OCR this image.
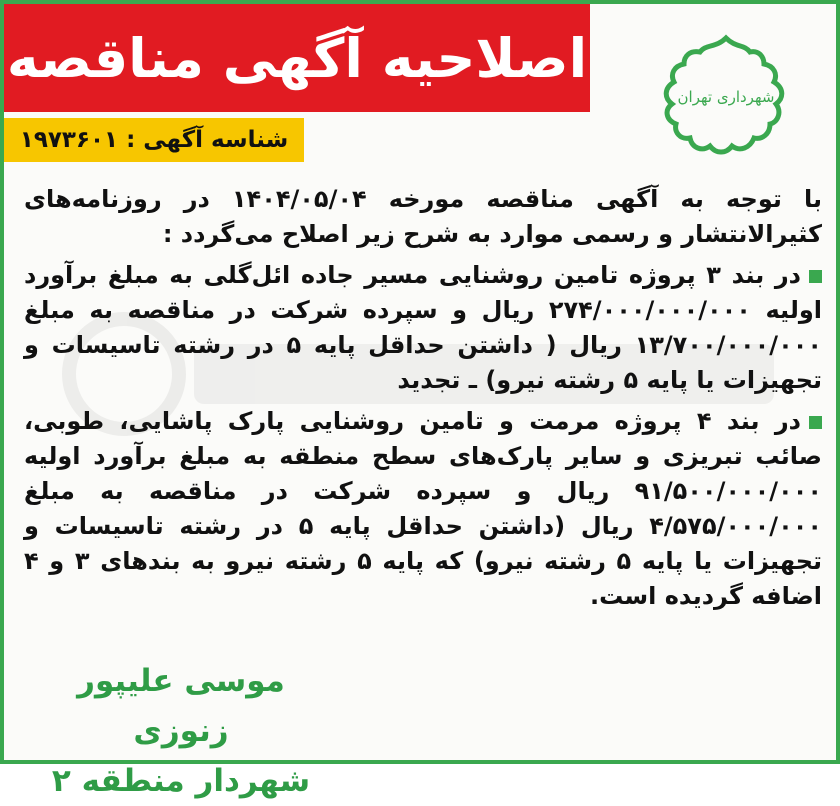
اصلاحیه آگهی مناقصه
شناسه آگهی :
۱۹۷۳۶۰۱
شهرداری تهران

با توجه به آگهی مناقصه مورخه ۱۴۰۴/۰۵/۰۴ در روزنامه‌های کثیرالانتشار و رسمی موارد به شرح زیر اصلاح می‌گردد :

در بند ۳ پروژه تامین روشنایی مسیر جاده ائل‌گلی به مبلغ برآورد اولیه ۲۷۴/۰۰۰/۰۰۰/۰۰۰ ریال و سپرده شرکت در مناقصه به مبلغ ۱۳/۷۰۰/۰۰۰/۰۰۰ ریال ( داشتن حداقل پایه ۵ در رشته تاسیسات و تجهیزات یا پایه ۵ رشته نیرو) ـ تجدید

در بند ۴ پروژه مرمت و تامین روشنایی پارک پاشایی، طوبی، صائب تبریزی و سایر پارک‌های سطح منطقه به مبلغ برآورد اولیه ۹۱/۵۰۰/۰۰۰/۰۰۰ ریال و سپرده شرکت در مناقصه به مبلغ ۴/۵۷۵/۰۰۰/۰۰۰ ریال (داشتن حداقل پایه ۵ در رشته تاسیسات و تجهیزات یا پایه ۵ رشته نیرو) که پایه ۵ رشته نیرو به بندهای ۳ و ۴ اضافه گردیده است.

موسی علیپور زنوزی
شهردار منطقه ۲
